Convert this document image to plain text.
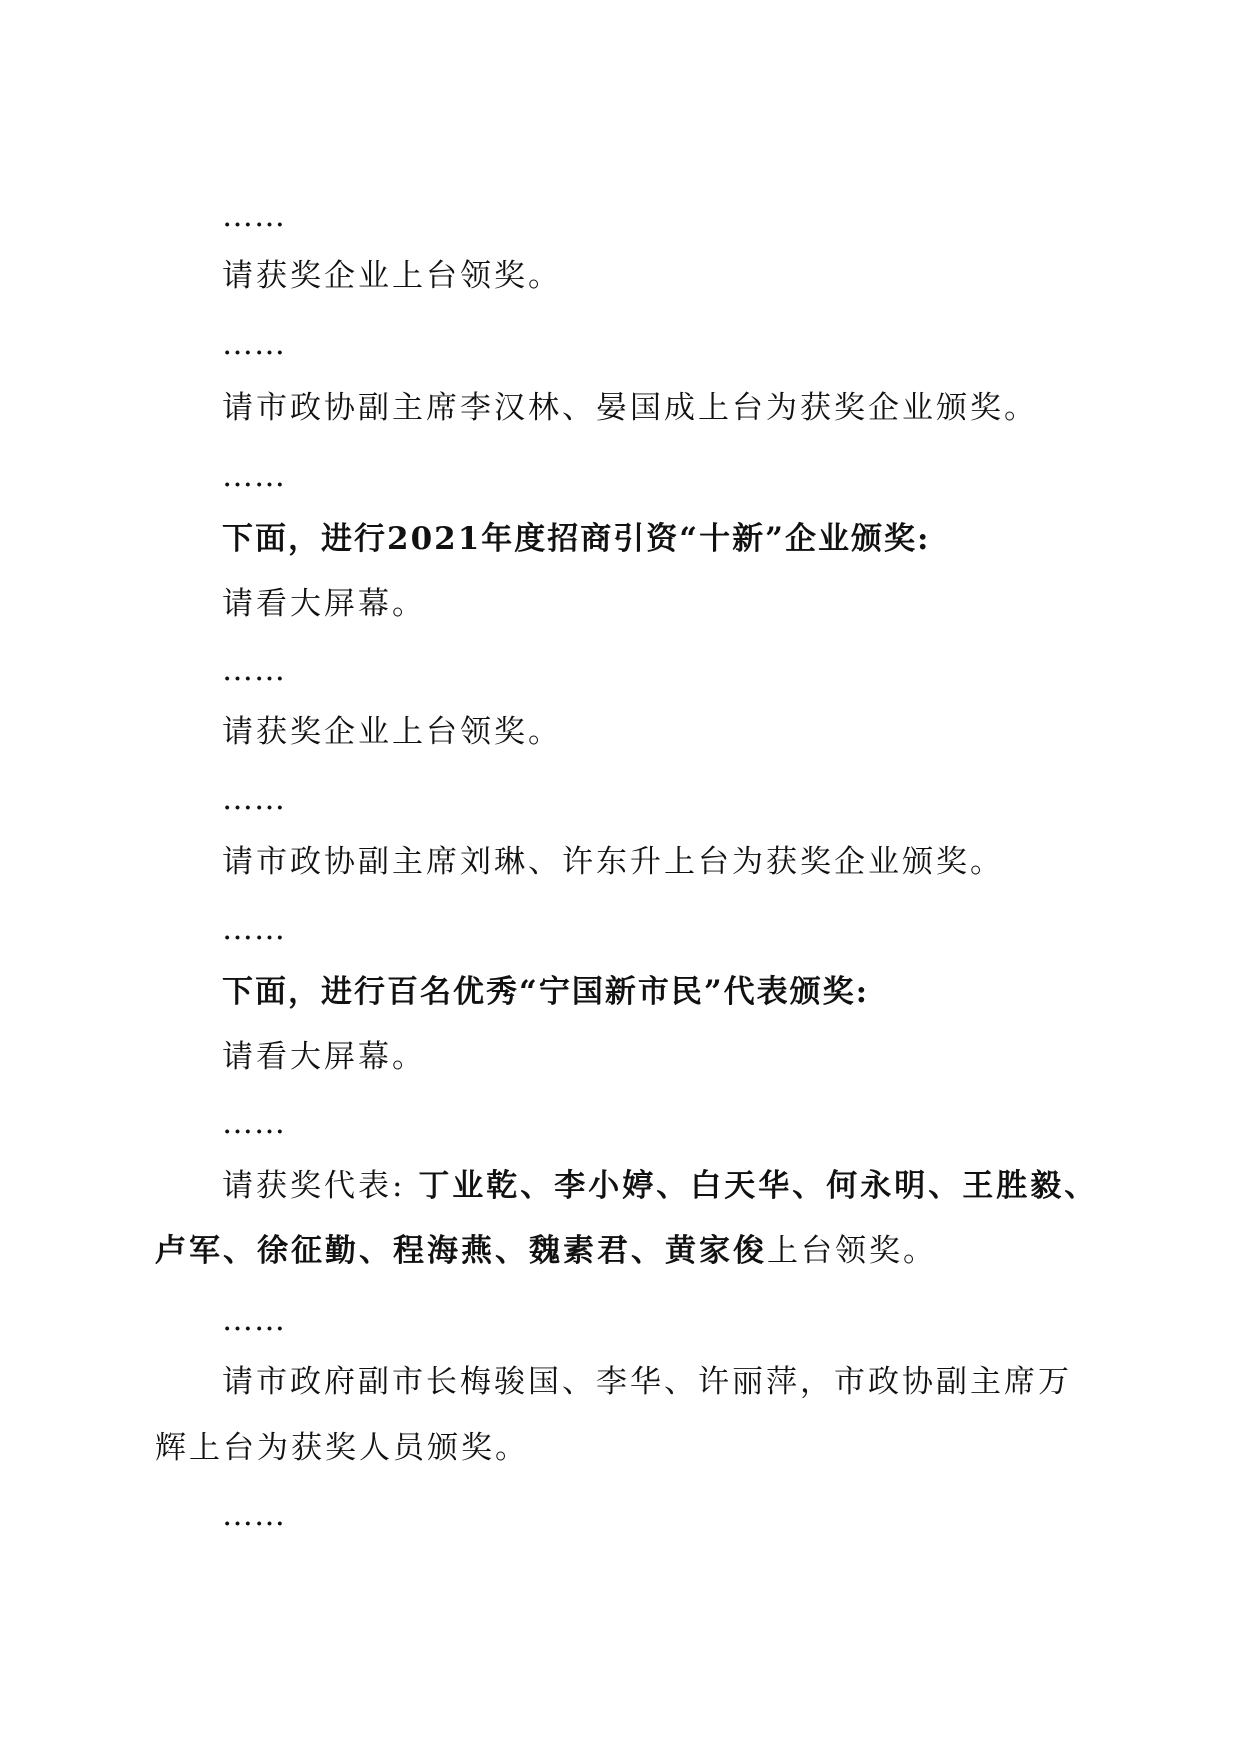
……
请获奖企业上台领奖。
……
请市政协副主席李汉林、晏国成上台为获奖企业颁奖。
……
下面，进行2021年度招商引资“十新”企业颁奖:
请看大屏幕。
……
请获奖企业上台领奖。
……
请市政协副主席刘琳、许东升上台为获奖企业颁奖。
……
下面，进行百名优秀“宁国新市民”代表颁奖:
请看大屏幕。
……
请获奖代表: 丁业乾、李小婷、白天华、何永明、王胜毅、
卢军、徐征勤、程海燕、魏素君、黄家俊上台领奖。
……
请市政府副市长梅骏国、李华、许丽萍，市政协副主席万
辉上台为获奖人员颁奖。
……
